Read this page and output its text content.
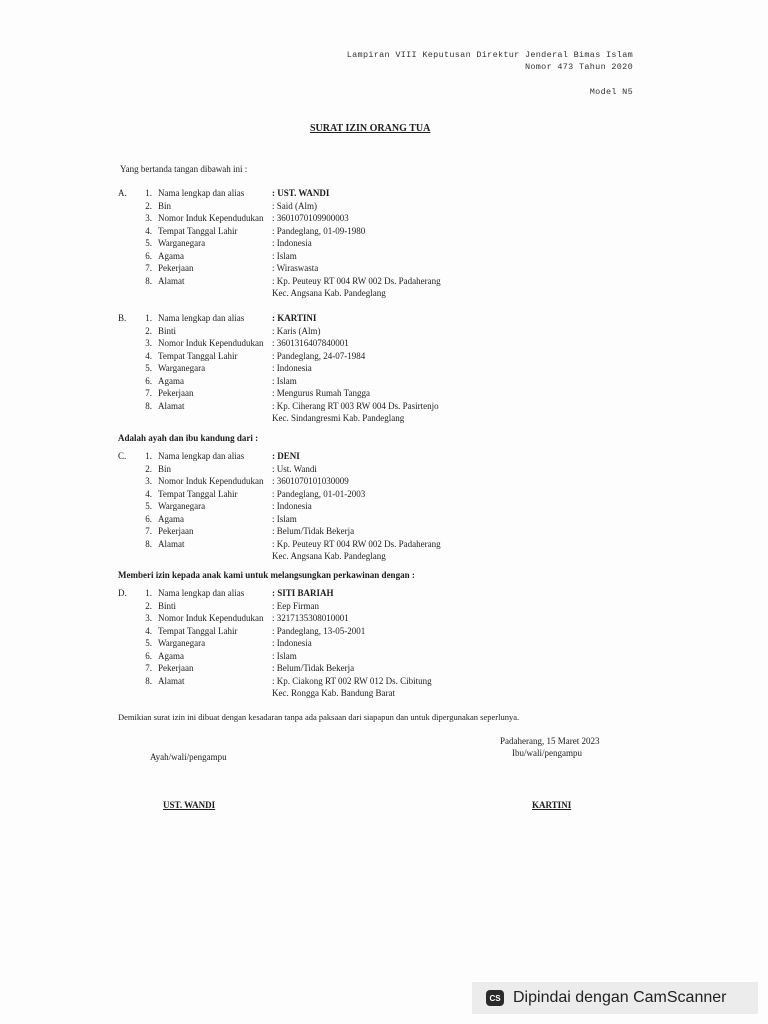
Lampiran VIII Keputusan Direktur Jenderal Bimas Islam
Nomor 473 Tahun 2020
Model N5
SURAT IZIN ORANG TUA
Yang bertanda tangan dibawah ini :
A.	1. Nama lengkap dan alias	: UST. WANDI
2. Bin	: Said (Alm)
3. Nomor Induk Kependudukan : 3601070109900003
4. Tempat Tanggal Lahir	: Pandeglang, 01-09-1980
5. Warganegara	: Indonesia
6. Agama	: Islam
7. Pekerjaan	: Wiraswasta
8. Alamat	: Kp. Peuteuy RT 004 RW 002 Ds. Padaherang
Kec. Angsana Kab. Pandeglang
B.	1. Nama lengkap dan alias	: KARTINI
2. Binti	: Karis (Alm)
3. Nomor Induk Kependudukan : 3601316407840001
4. Tempat Tanggal Lahir	: Pandeglang, 24-07-1984
5. Warganegara	: Indonesia
6. Agama	: Islam
7. Pekerjaan	: Mengurus Rumah Tangga
8. Alamat	: Kp. Ciherang RT 003 RW 004 Ds. Pasirtenjo
Kec. Sindangresmi Kab. Pandeglang
C.	1. Nama lengkap dan alias	: DENI
2. Bin	: Ust. Wandi
3. Nomor Induk Kependudukan : 3601070101030009
4. Tempat Tanggal Lahir	: Pandeglang, 01-01-2003
5. Warganegara	: Indonesia
6. Agama	: Islam
7. Pekerjaan	: Belum/Tidak Bekerja
8. Alamat	: Kp. Peuteuy RT 004 RW 002 Ds. Padaherang
Kec. Angsana Kab. Pandeglang
D.	1. Nama lengkap dan alias	: SITI BARIAH
2. Binti	: Eep Firman
3. Nomor Induk Kependudukan : 3217135308010001
4. Tempat Tanggal Lahir	: Pandeglang, 13-05-2001
5. Warganegara	: Indonesia
6. Agama	: Islam
7. Pekerjaan	: Belum/Tidak Bekerja
8. Alamat	: Kp. Ciakong RT 002 RW 012 Ds. Cibitung
Kec. Rongga Kab. Bandung Barat
Adalah ayah dan ibu kandung dari :
Memberi izin kepada anak kami untuk melangsungkan perkawinan dengan :
Demikian surat izin ini dibuat dengan kesadaran tanpa ada paksaan dari siapapun dan untuk dipergunakan seperlunya.
Padaherang, 15 Maret 2023
Ayah/wali/pengampu	Ibu/wali/pengampu
UST. WANDI	KARTINI
CS Dipindai dengan CamScanner
